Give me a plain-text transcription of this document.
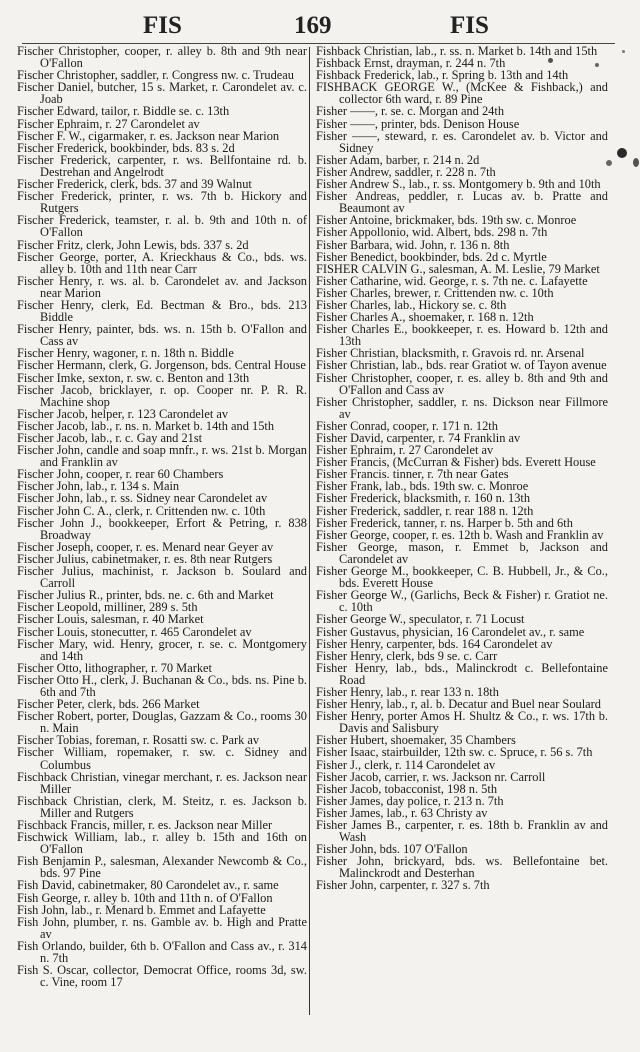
FIS	169	FIS

Fischer Christopher, cooper, r. alley b. 8th and 9th near O'Fallon

Fischer Christopher, saddler, r. Congress nw. c. Trudeau

Fischer Daniel, butcher, 15 s. Market, r. Carondelet av. c. Joab

Fischer Edward, tailor, r. Biddle se. c. 13th

Fischer Ephraim, r. 27 Carondelet av

Fischer F. W., cigarmaker, r. es. Jackson near Marion

Fischer Frederick, bookbinder, bds. 83 s. 2d

Fischer Frederick, carpenter, r. ws. Bellfontaine rd. b. Destrehan and Angelrodt

Fischer Frederick, clerk, bds. 37 and 39 Walnut

Fischer Frederick, printer, r. ws. 7th b. Hickory and Rutgers

Fischer Frederick, teamster, r. al. b. 9th and 10th n. of O'Fallon

Fischer Fritz, clerk, John Lewis, bds. 337 s. 2d

Fischer George, porter, A. Krieckhaus & Co., bds. ws. alley b. 10th and 11th near Carr

Fischer Henry, r. ws. al. b. Carondelet av. and Jackson near Marion

Fischer Henry, clerk, Ed. Bectman & Bro., bds. 213 Biddle

Fischer Henry, painter, bds. ws. n. 15th b. O'Fallon and Cass av

Fischer Henry, wagoner, r. n. 18th n. Biddle

Fischer Hermann, clerk, G. Jorgenson, bds. Central House

Fischer Imke, sexton, r. sw. c. Benton and 13th

Fischer Jacob, bricklayer, r. op. Cooper nr. P. R. R. Machine shop

Fischer Jacob, helper, r. 123 Carondelet av

Fischer Jacob, lab., r. ns. n. Market b. 14th and 15th

Fischer Jacob, lab., r. c. Gay and 21st

Fischer John, candle and soap mnfr., r. ws. 21st b. Morgan and Franklin av

Fischer John, cooper, r. rear 60 Chambers

Fischer John, lab., r. 134 s. Main

Fischer John, lab., r. ss. Sidney near Carondelet av

Fischer John C. A., clerk, r. Crittenden nw. c. 10th

Fischer John J., bookkeeper, Erfort & Petring, r. 838 Broadway

Fischer Joseph, cooper, r. es. Menard near Geyer av

Fischer Julius, cabinetmaker, r. es. 8th near Rutgers

Fischer Julius, machinist, r. Jackson b. Soulard and Carroll

Fischer Julius R., printer, bds. ne. c. 6th and Market

Fischer Leopold, milliner, 289 s. 5th

Fischer Louis, salesman, r. 40 Market

Fischer Louis, stonecutter, r. 465 Carondelet av

Fischer Mary, wid. Henry, grocer, r. se. c. Montgomery and 14th

Fischer Otto, lithographer, r. 70 Market

Fischer Otto H., clerk, J. Buchanan & Co., bds. ns. Pine b. 6th and 7th

Fischer Peter, clerk, bds. 266 Market

Fischer Robert, porter, Douglas, Gazzam & Co., rooms 30 n. Main

Fischer Tobias, foreman, r. Rosatti sw. c. Park av

Fischer William, ropemaker, r. sw. c. Sidney and Columbus

Fischback Christian, vinegar merchant, r. es. Jackson near Miller

Fischback Christian, clerk, M. Steitz, r. es. Jackson b. Miller and Rutgers

Fischback Francis, miller, r. es. Jackson near Miller

Fischwick William, lab., r. alley b. 15th and 16th on O'Fallon

Fish Benjamin P., salesman, Alexander Newcomb & Co., bds. 97 Pine

Fish David, cabinetmaker, 80 Carondelet av., r. same

Fish George, r. alley b. 10th and 11th n. of O'Fallon

Fish John, lab., r. Menard b. Emmet and Lafayette

Fish John, plumber, r. ns. Gamble av. b. High and Pratte av

Fish Orlando, builder, 6th b. O'Fallon and Cass av., r. 314 n. 7th

Fish S. Oscar, collector, Democrat Office, rooms 3d, sw. c. Vine, room 17

Fishback Christian, lab., r. ss. n. Market b. 14th and 15th

Fishback Ernst, drayman, r. 244 n. 7th

Fishback Frederick, lab., r. Spring b. 13th and 14th

FISHBACK GEORGE W., (McKee & Fishback,) and collector 6th ward, r. 89 Pine

Fisher ——, r. se. c. Morgan and 24th

Fisher ——, printer, bds. Denison House

Fisher ——, steward, r. es. Carondelet av. b. Victor and Sidney

Fisher Adam, barber, r. 214 n. 2d

Fisher Andrew, saddler, r. 228 n. 7th

Fisher Andrew S., lab., r. ss. Montgomery b. 9th and 10th

Fisher Andreas, peddler, r. Lucas av. b. Pratte and Beaumont av

Fisher Antoine, brickmaker, bds. 19th sw. c. Monroe

Fisher Appollonio, wid. Albert, bds. 298 n. 7th

Fisher Barbara, wid. John, r. 136 n. 8th

Fisher Benedict, bookbinder, bds. 2d c. Myrtle

FISHER CALVIN G., salesman, A. M. Leslie, 79 Market

Fisher Catharine, wid. George, r. s. 7th ne. c. Lafayette

Fisher Charles, brewer, r. Crittenden nw. c. 10th

Fisher Charles, lab., Hickory se. c. 8th

Fisher Charles A., shoemaker, r. 168 n. 12th

Fisher Charles E., bookkeeper, r. es. Howard b. 12th and 13th

Fisher Christian, blacksmith, r. Gravois rd. nr. Arsenal

Fisher Christian, lab., bds. rear Gratiot w. of Tayon avenue

Fisher Christopher, cooper, r. es. alley b. 8th and 9th and O'Fallon and Cass av

Fisher Christopher, saddler, r. ns. Dickson near Fillmore av

Fisher Conrad, cooper, r. 171 n. 12th

Fisher David, carpenter, r. 74 Franklin av

Fisher Ephraim, r. 27 Carondelet av

Fisher Francis, (McCurran & Fisher) bds. Everett House

Fisher Francis. tinner, r. 7th near Gates

Fisher Frank, lab., bds. 19th sw. c. Monroe

Fisher Frederick, blacksmith, r. 160 n. 13th

Fisher Frederick, saddler, r. rear 188 n. 12th

Fisher Frederick, tanner, r. ns. Harper b. 5th and 6th

Fisher George, cooper, r. es. 12th b. Wash and Franklin av

Fisher George, mason, r. Emmet b, Jackson and Carondelet av

Fisher George M., bookkeeper, C. B. Hubbell, Jr., & Co., bds. Everett House

Fisher George W., (Garlichs, Beck & Fisher) r. Gratiot ne. c. 10th

Fisher George W., speculator, r. 71 Locust

Fisher Gustavus, physician, 16 Carondelet av., r. same

Fisher Henry, carpenter, bds. 164 Carondelet av

Fisher Henry, clerk, bds 9 se. c. Carr

Fisher Henry, lab., bds., Malinckrodt c. Bellefontaine Road

Fisher Henry, lab., r. rear 133 n. 18th

Fisher Henry, lab., r, al. b. Decatur and Buel near Soulard

Fisher Henry, porter Amos H. Shultz & Co., r. ws. 17th b. Davis and Salisbury

Fisher Hubert, shoemaker, 35 Chambers

Fisher Isaac, stairbuilder, 12th sw. c. Spruce, r. 56 s. 7th

Fisher J., clerk, r. 114 Carondelet av

Fisher Jacob, carrier, r. ws. Jackson nr. Carroll

Fisher Jacob, tobacconist, 198 n. 5th

Fisher James, day police, r. 213 n. 7th

Fisher James, lab., r. 63 Christy av

Fisher James B., carpenter, r. es. 18th b. Franklin av and Wash

Fisher John, bds. 107 O'Fallon

Fisher John, brickyard, bds. ws. Bellefontaine bet. Malinckrodt and Desterhan

Fisher John, carpenter, r. 327 s. 7th
